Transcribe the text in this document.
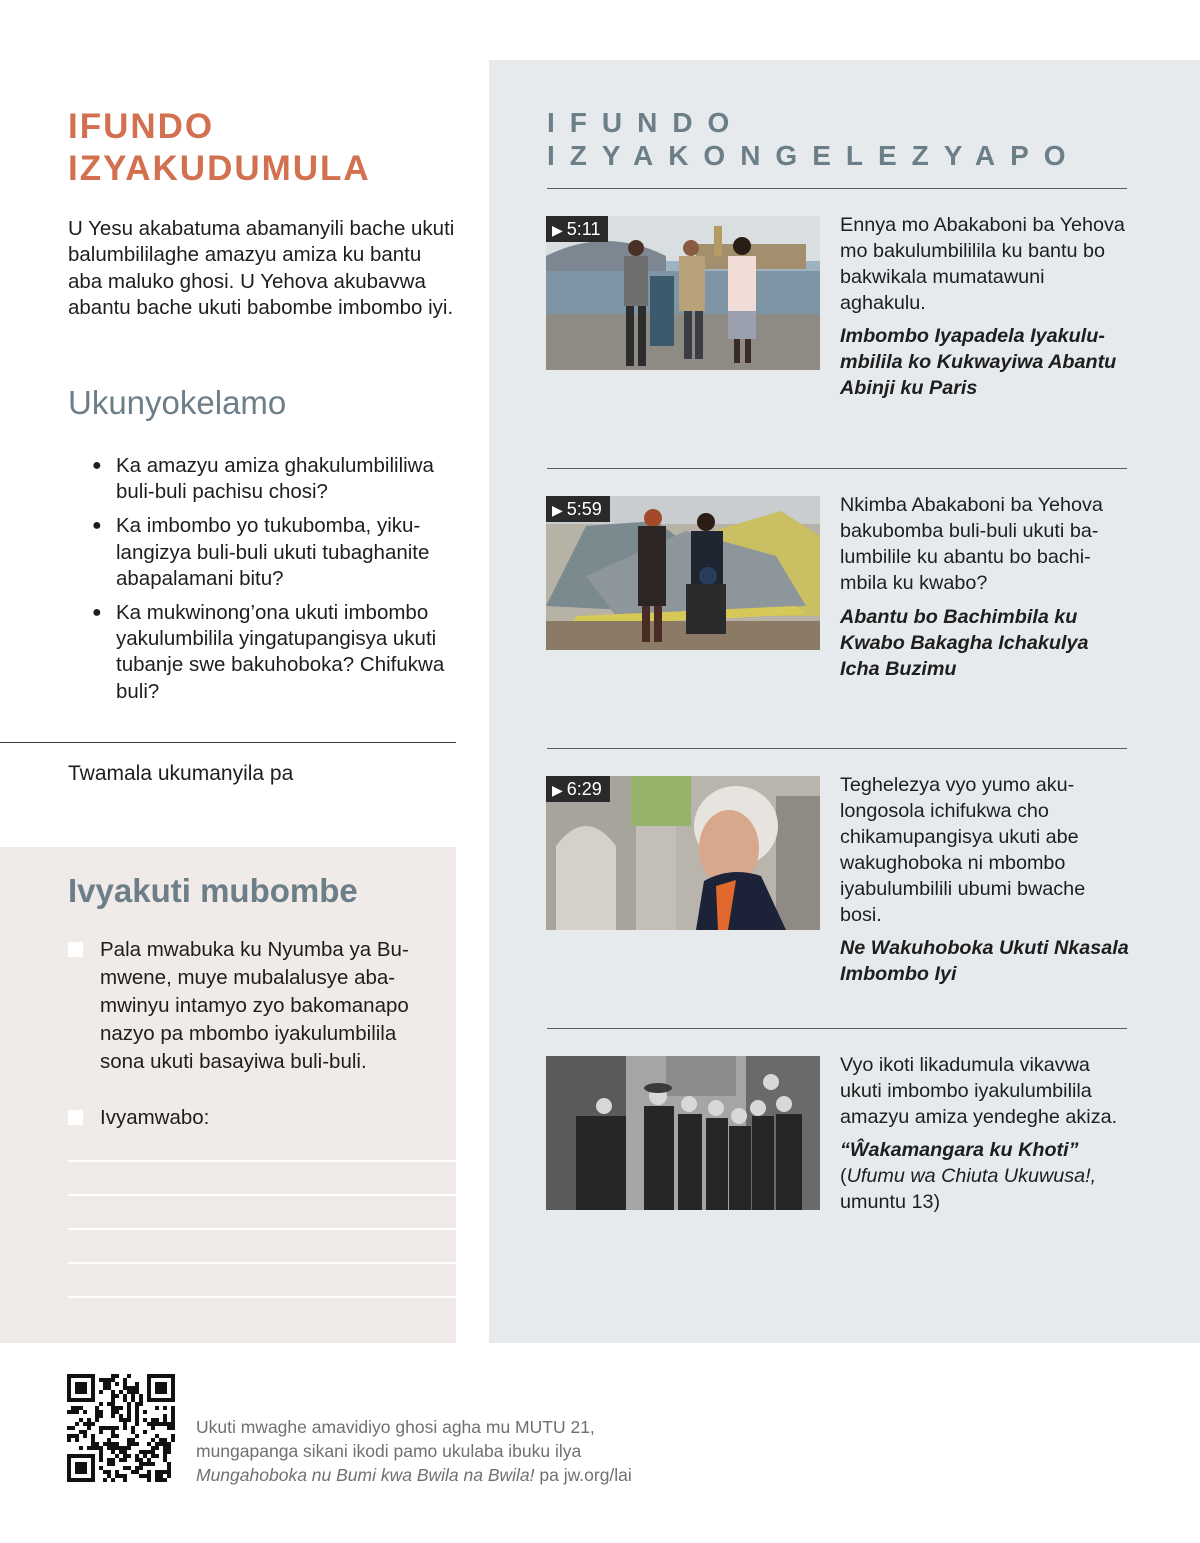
IFUNDO
IZYAKUDUMULA

U Yesu akabatuma abamanyili bache ukuti balumbililaghe amazyu amiza ku bantu aba maluko ghosi. U Yehova akubavwa abantu bache ukuti babombe imbombo iyi.

Ukunyokelamo
● Ka amazyu amiza ghakulumbililiwa buli-buli pachisu chosi?
● Ka imbombo yo tukubomba, yikulangizya buli-buli ukuti tubaghanite abapalamani bitu?
● Ka mukwinong’ona ukuti imbombo yakulumbilila yingatupangisya ukuti tubanje swe bakuhoboka? Chifukwa buli?
Twamala ukumanyila pa
Ivyakuti mubombe
Pala mwabuka ku Nyumba ya Bumwene, muye mubalalusye abamwinyu intamyo zyo bakomanapo nazyo pa mbombo iyakulumbilila sona ukuti basayiwa buli-buli.
Ivyamwabo:
IFUNDO
IZYAKONGELEZYAPO
▶ 5:11	Ennya mo Abakaboni ba Yehova mo bakulumbililila ku bantu bo bakwikala mumatawuni aghakulu.

Imbombo Iyapadela Iyakulumbilila ko Kukwayiwa Abantu Abinji ku Paris

▶ 5:59	Nkimba Abakaboni ba Yehova bakubomba buli-buli ukuti balumbilile ku abantu bo bachimbila ku kwabo?

Abantu bo Bachimbila ku Kwabo Bakagha Ichakulya Icha Buzimu

▶ 6:29	Teghelezya vyo yumo akulongosola ichifukwa cho chikamupangisya ukuti abe wakughoboka ni mbombo iyabulumbilili ubumi bwache bosi.

Ne Wakuhoboka Ukuti Nkasala Imbombo Iyi

Vyo ikoti likadumula vikavwa ukuti imbombo iyakulumbilila amazyu amiza yendeghe akiza.

“Ŵakamangara ku Khoti”
(Ufumu wa Chiuta Ukuwusa!,
umuntu 13)
Ukuti mwaghe amavidiyo ghosi agha mu MUTU 21,
mungapanga sikani ikodi pamo ukulaba ibuku ilya
Mungahoboka nu Bumi kwa Bwila na Bwila! pa jw.org/lai
